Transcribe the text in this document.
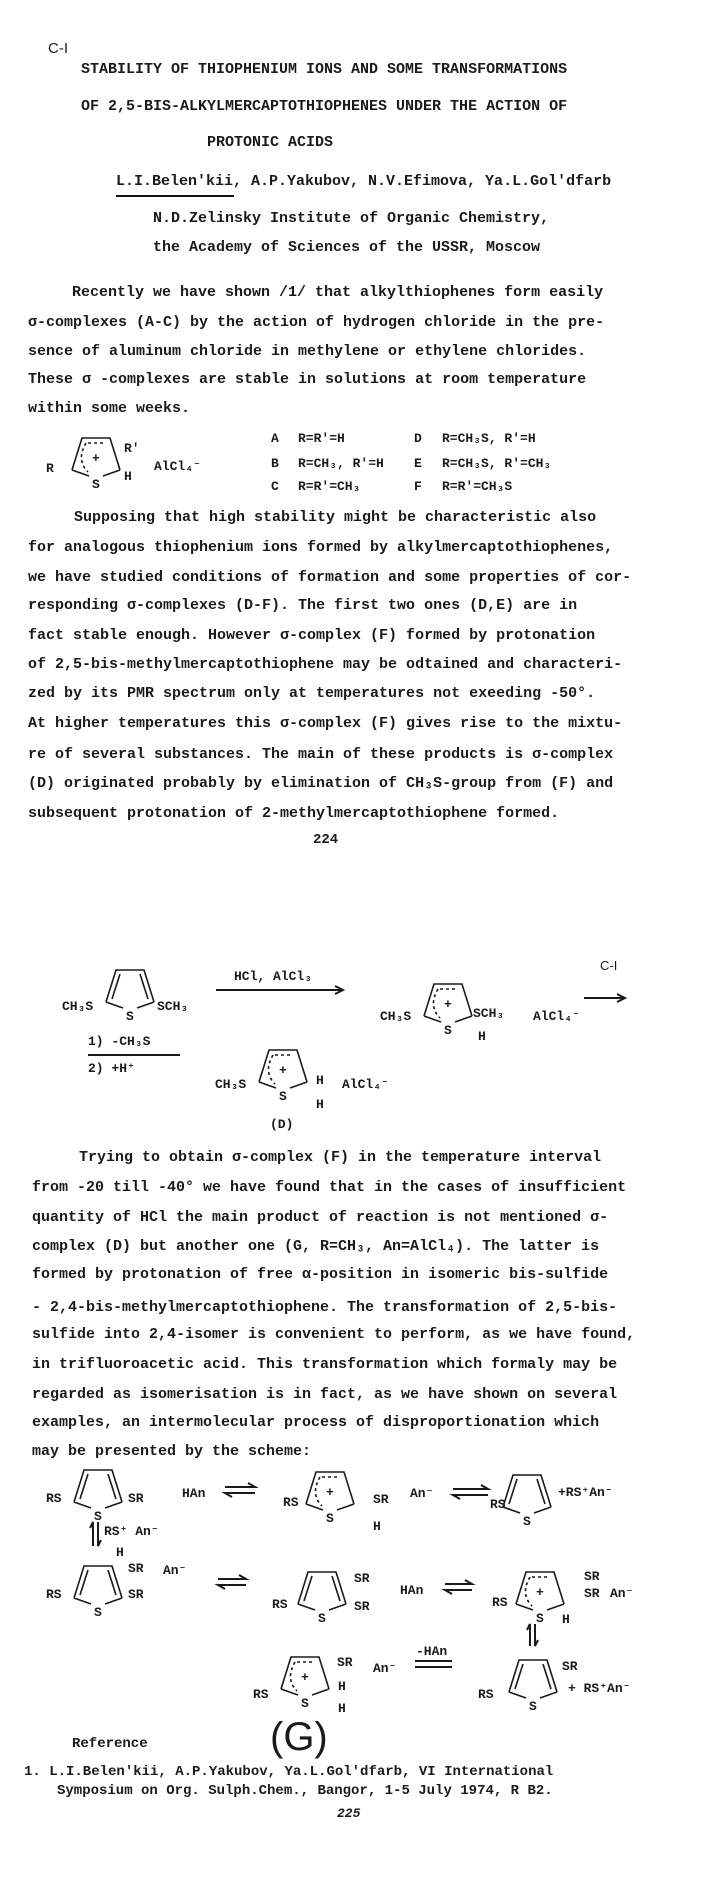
C-I
STABILITY OF THIOPHENIUM IONS AND SOME TRANSFORMATIONS
OF 2,5-BIS-ALKYLMERCAPTOTHIOPHENES UNDER THE ACTION OF
PROTONIC ACIDS
L.I.Belen'kii, A.P.Yakubov, N.V.Efimova, Ya.L.Gol'dfarb
N.D.Zelinsky Institute of Organic Chemistry,
the Academy of Sciences of the USSR, Moscow
Recently we have shown /1/ that alkylthiophenes form easily
σ-complexes (A-C) by the action of hydrogen chloride in the pre-
sence of aluminum chloride in methylene or ethylene chlorides.
These σ -complexes are stable in solutions at room temperature
within some weeks.
Supposing that high stability might be characteristic also
for analogous thiophenium ions formed by alkylmercaptothiophenes,
we have studied conditions of formation and some properties of cor-
responding σ-complexes (D-F). The first two ones (D,E) are in
fact stable enough. However σ-complex (F) formed by protonation
of 2,5-bis-methylmercaptothiophene may be odtained and characteri-
zed by its PMR spectrum only at temperatures not exeeding -50°.
At higher temperatures this σ-complex (F) gives rise to the mixtu-
re of several substances. The main of these products is σ-complex
(D) originated probably by elimination of CH₃S-group from (F) and
subsequent protonation of 2-methylmercaptothiophene formed.
Trying to obtain σ-complex (F) in the temperature interval
from -20 till -40° we have found that in the cases of insufficient
quantity of HCl the main product of reaction is not mentioned σ-
complex (D) but another one (G, R=CH₃, An=AlCl₄). The latter is
formed by protonation of free α-position in isomeric bis-sulfide
- 2,4-bis-methylmercaptothiophene. The transformation of 2,5-bis-
sulfide into 2,4-isomer is convenient to perform, as we have found,
in trifluoroacetic acid. This transformation which formaly may be
regarded as isomerisation is in fact, as we have shown on several
examples, an intermolecular process of disproportionation which
may be presented by the scheme:
224
225
Reference
1. L.I.Belen'kii, A.P.Yakubov, Ya.L.Gol'dfarb, VI International
Symposium on Org. Sulph.Chem., Bangor, 1-5 July 1974, R B2.
+
S
S
+
S
+
S
S
+
S	S
S	S
+
S
+
S	S
R
R'
H
AlCl₄⁻
A R=R'=H
B R=CH₃, R'=H
C R=R'=CH₃
D R=CH₃S, R'=H
E R=CH₃S, R'=CH₃
F R=R'=CH₃S
C-I
CH₃S	SCH₃
HCl, AlCl₃
CH₃S	SCH₃
H
AlCl₄⁻
1) -CH₃S
2) +H⁺
CH₃S	H
H
AlCl₄⁻
(D)
RS	SR	HAn
RS	SR
H
An⁻
RS
+RS⁺An⁻
RS⁺ An⁻
H
SR
RS	SR
An⁻
SR
SR
RS
HAn
SR
SR An⁻
RS
H
SR An⁻
-HAn
H
H
RS
SR
RS	+ RS⁺An⁻
(G)
